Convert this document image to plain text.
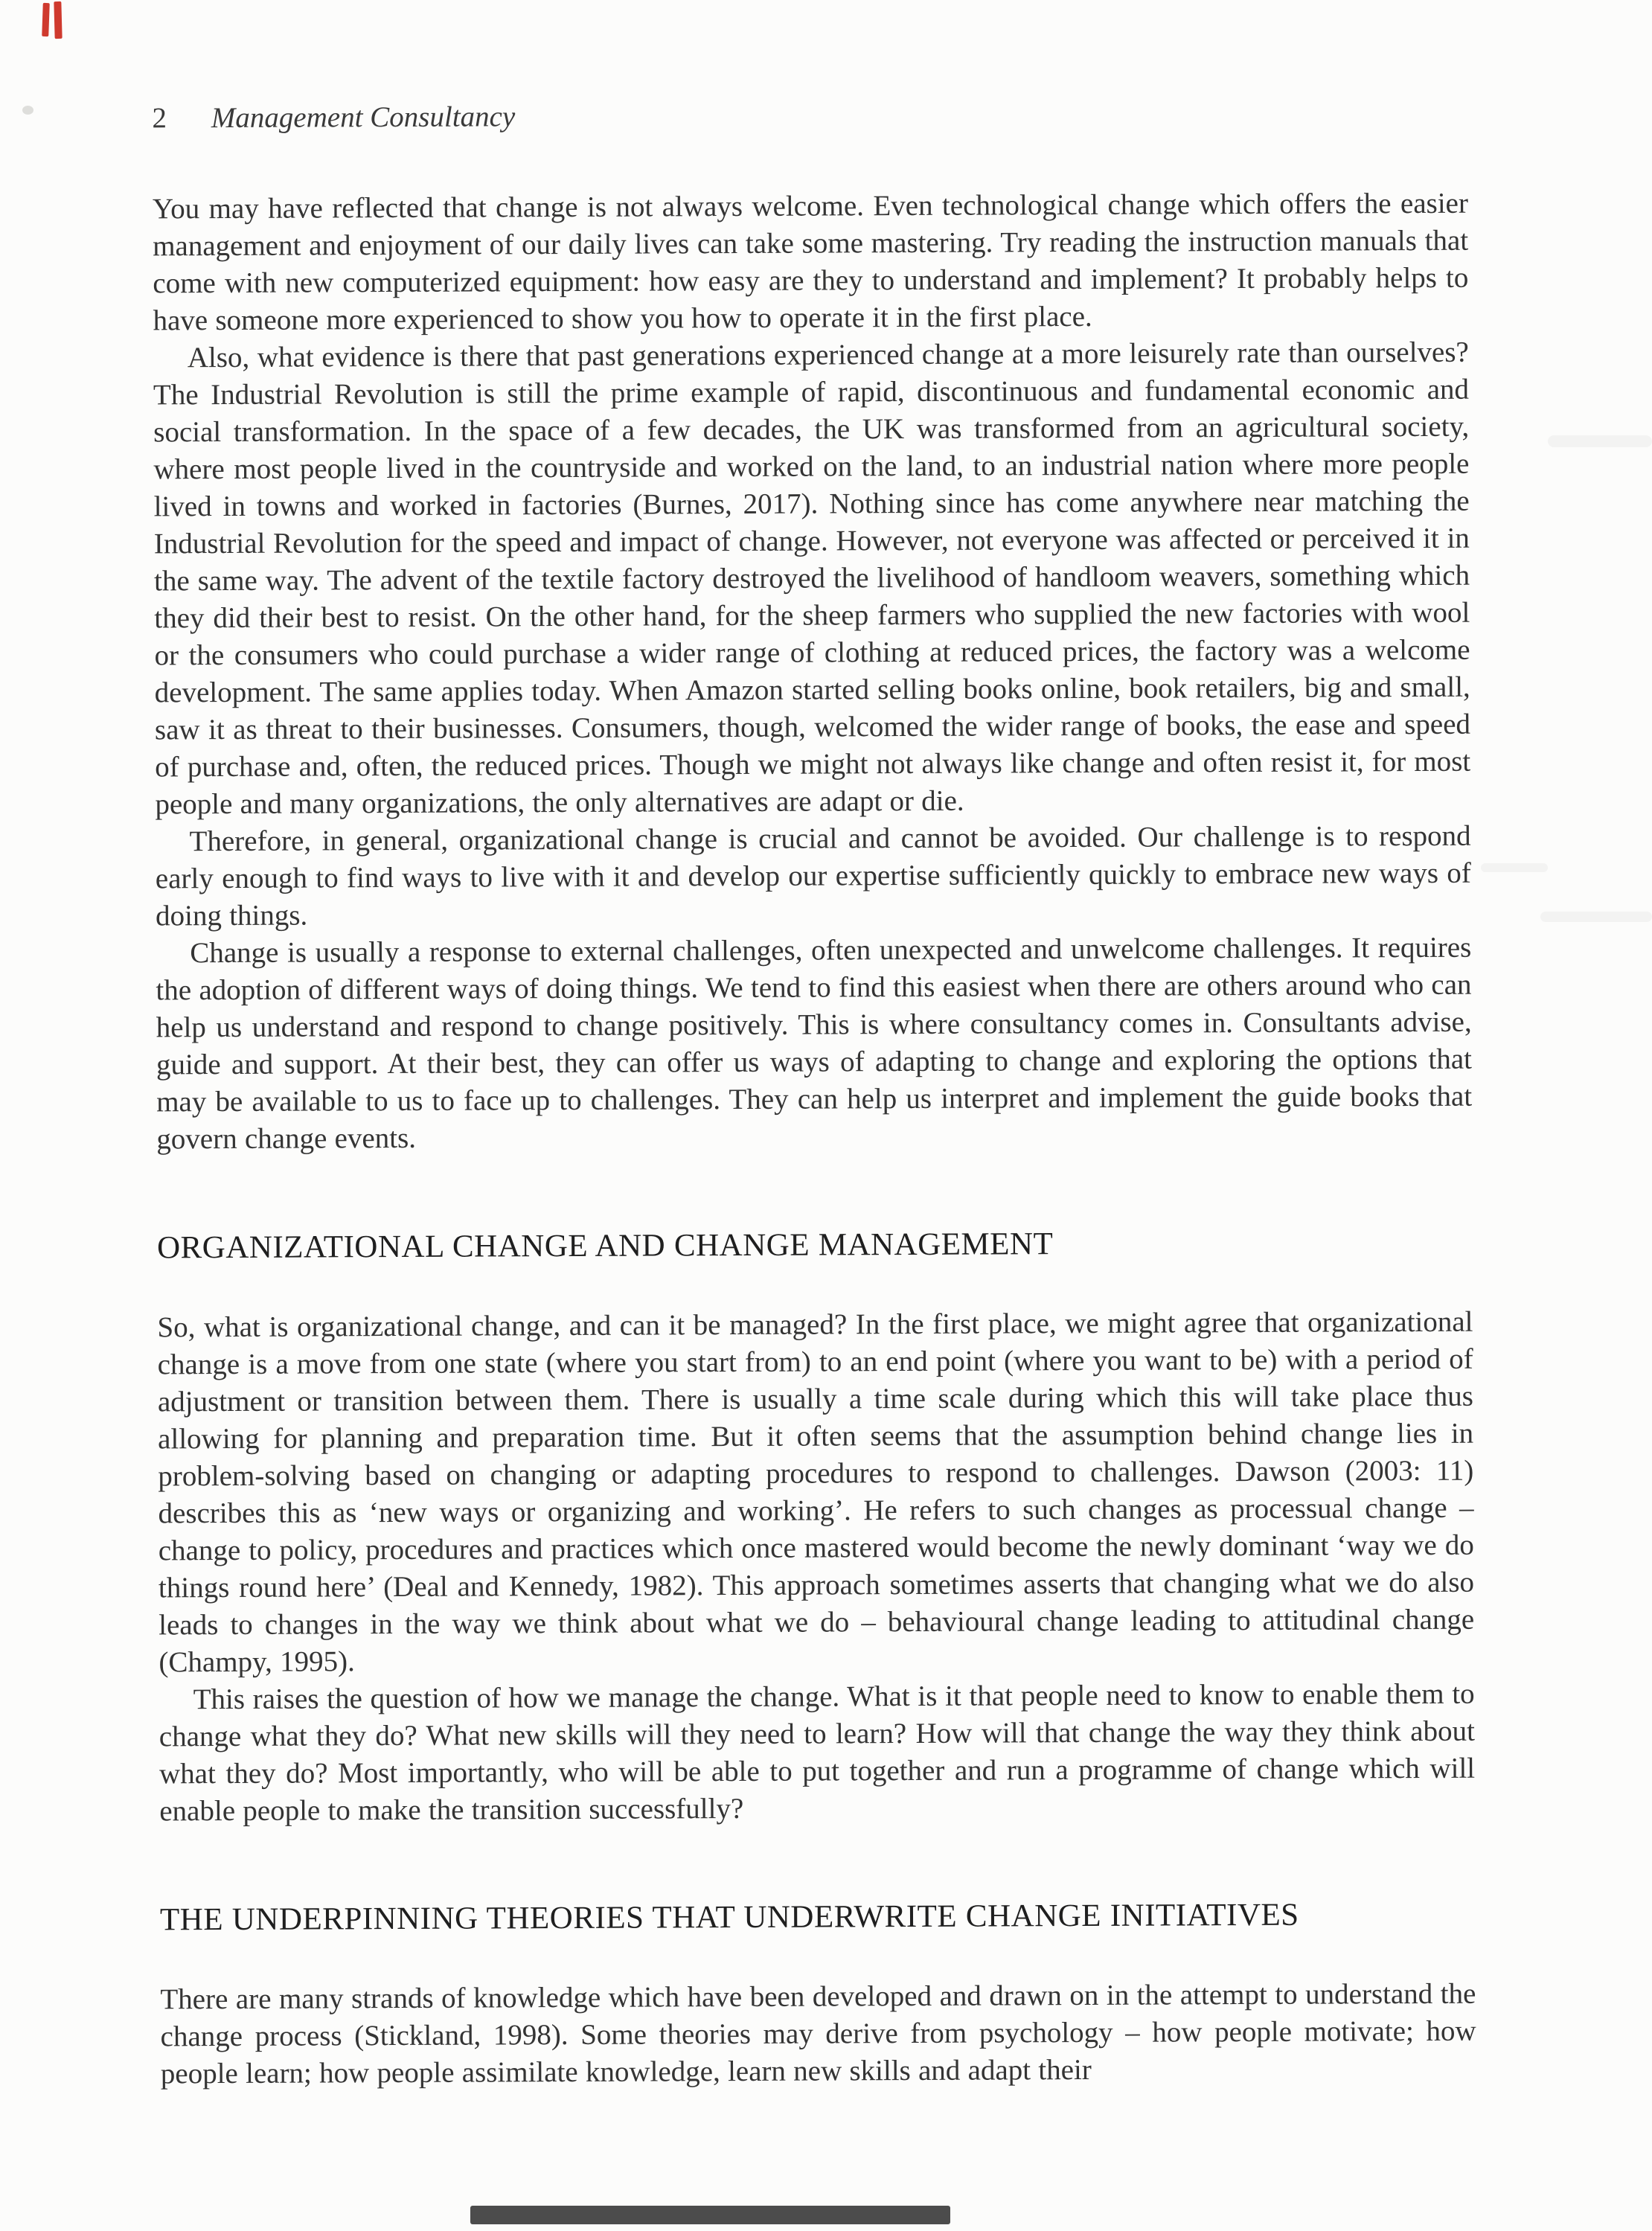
2 Management Consultancy

You may have reflected that change is not always welcome. Even technological change which offers the easier management and enjoyment of our daily lives can take some mastering. Try reading the instruction manuals that come with new computerized equipment: how easy are they to understand and implement? It probably helps to have someone more experienced to show you how to operate it in the first place.

Also, what evidence is there that past generations experienced change at a more leisurely rate than ourselves? The Industrial Revolution is still the prime example of rapid, discontinuous and fundamental economic and social transformation. In the space of a few decades, the UK was transformed from an agricultural society, where most people lived in the countryside and worked on the land, to an industrial nation where more people lived in towns and worked in factories (Burnes, 2017). Nothing since has come anywhere near matching the Industrial Revolution for the speed and impact of change. However, not everyone was affected or perceived it in the same way. The advent of the textile factory destroyed the livelihood of handloom weavers, something which they did their best to resist. On the other hand, for the sheep farmers who supplied the new factories with wool or the consumers who could purchase a wider range of clothing at reduced prices, the factory was a welcome development. The same applies today. When Amazon started selling books online, book retailers, big and small, saw it as threat to their businesses. Consumers, though, welcomed the wider range of books, the ease and speed of purchase and, often, the reduced prices. Though we might not always like change and often resist it, for most people and many organizations, the only alternatives are adapt or die.

Therefore, in general, organizational change is crucial and cannot be avoided. Our challenge is to respond early enough to find ways to live with it and develop our expertise sufficiently quickly to embrace new ways of doing things.

Change is usually a response to external challenges, often unexpected and unwelcome challenges. It requires the adoption of different ways of doing things. We tend to find this easiest when there are others around who can help us understand and respond to change positively. This is where consultancy comes in. Consultants advise, guide and support. At their best, they can offer us ways of adapting to change and exploring the options that may be available to us to face up to challenges. They can help us interpret and implement the guide books that govern change events.

ORGANIZATIONAL CHANGE AND CHANGE MANAGEMENT

So, what is organizational change, and can it be managed? In the first place, we might agree that organizational change is a move from one state (where you start from) to an end point (where you want to be) with a period of adjustment or transition between them. There is usually a time scale during which this will take place thus allowing for planning and preparation time. But it often seems that the assumption behind change lies in problem-solving based on changing or adapting procedures to respond to challenges. Dawson (2003: 11) describes this as ‘new ways or organizing and working’. He refers to such changes as processual change – change to policy, procedures and practices which once mastered would become the newly dominant ‘way we do things round here’ (Deal and Kennedy, 1982). This approach sometimes asserts that changing what we do also leads to changes in the way we think about what we do – behavioural change leading to attitudinal change (Champy, 1995).

This raises the question of how we manage the change. What is it that people need to know to enable them to change what they do? What new skills will they need to learn? How will that change the way they think about what they do? Most importantly, who will be able to put together and run a programme of change which will enable people to make the transition successfully?

THE UNDERPINNING THEORIES THAT UNDERWRITE CHANGE INITIATIVES

There are many strands of knowledge which have been developed and drawn on in the attempt to understand the change process (Stickland, 1998). Some theories may derive from psychology – how people motivate; how people learn; how people assimilate knowledge, learn new skills and adapt their
